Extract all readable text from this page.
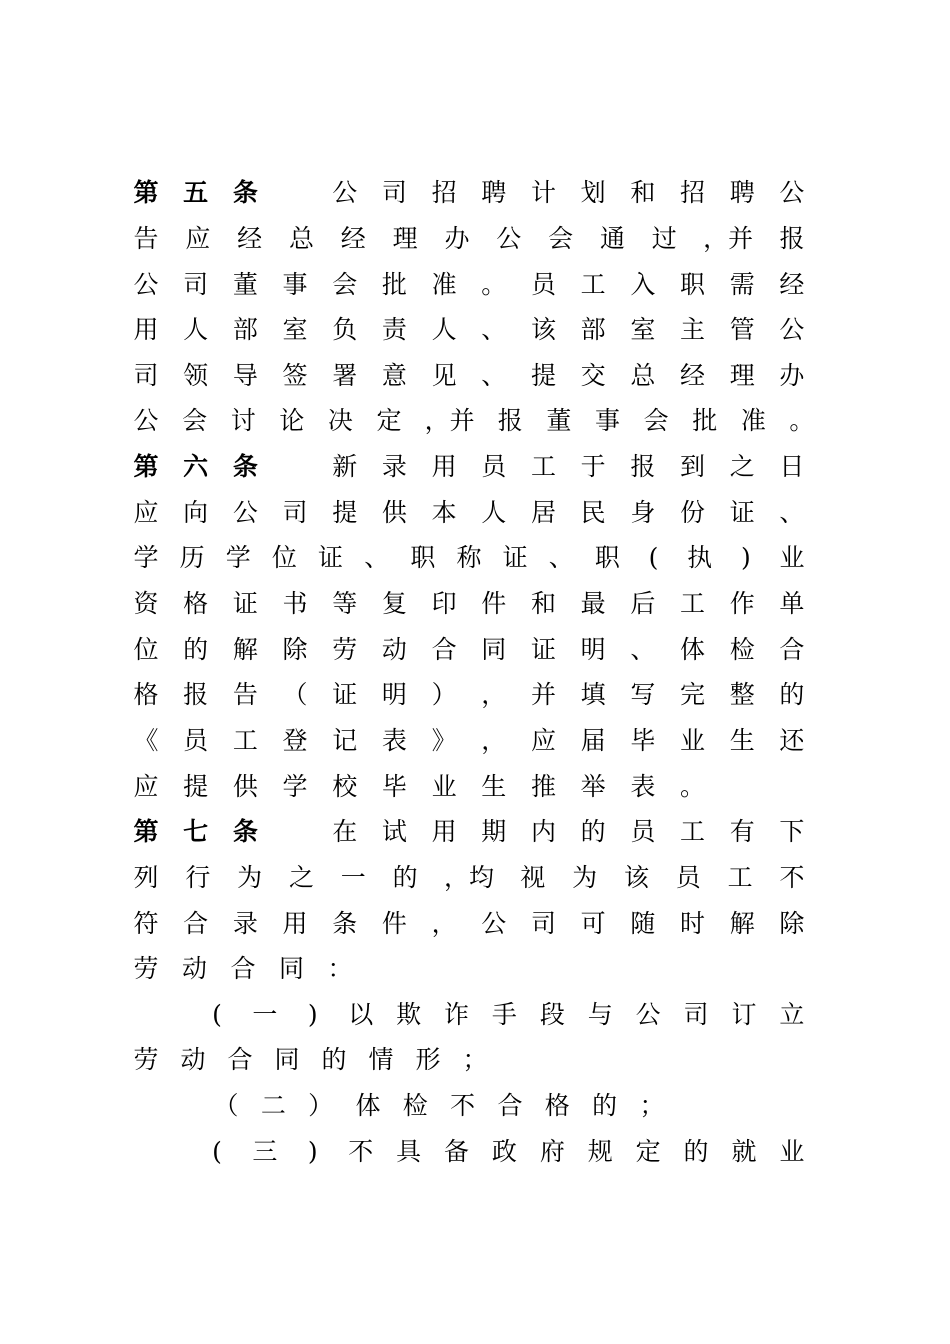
第 五 条	公 司 招 聘 计 划 和 招 聘 公
告 应 经 总 经 理 办 公 会 通 过 ，并 报
公 司 董 事 会 批 准 。 员 工 入 职 需 经
用 人 部 室 负 责 人 、 该 部 室 主 管 公
司 领 导 签 署 意 见 、 提 交 总 经 理 办
公 会 讨 论 决 定 ，并 报 董 事 会 批 准 。
第 六 条	新 录 用 员 工 于 报 到 之 日
应 向 公 司 提 供 本 人 居 民 身 份 证 、
学 历 学 位 证 、 职 称 证 、 职	(	执	)	业
资 格 证 书 等 复 印 件 和 最 后 工 作 单
位 的 解 除 劳 动 合 同 证 明 、 体 检 合
格 报 告 （ 证 明 ） ， 并 填 写 完 整 的
《 员 工 登 记 表 》 ， 应 届 毕 业 生 还
应 提 供 学 校 毕 业 生 推 举 表 。
第 七 条	在 试 用 期 内 的 员 工 有 下
列 行 为 之 一 的 ，均 视 为 该 员 工 不
符 合 录 用 条 件 ， 公 司 可 随 时 解 除
劳 动 合 同 ：
(	一	)	以 欺 诈 手 段 与 公 司 订 立
劳 动 合 同 的 情 形 ；
（ 二 ） 体 检 不 合 格 的 ；
(	三	)	不 具 备 政 府 规 定 的 就 业
